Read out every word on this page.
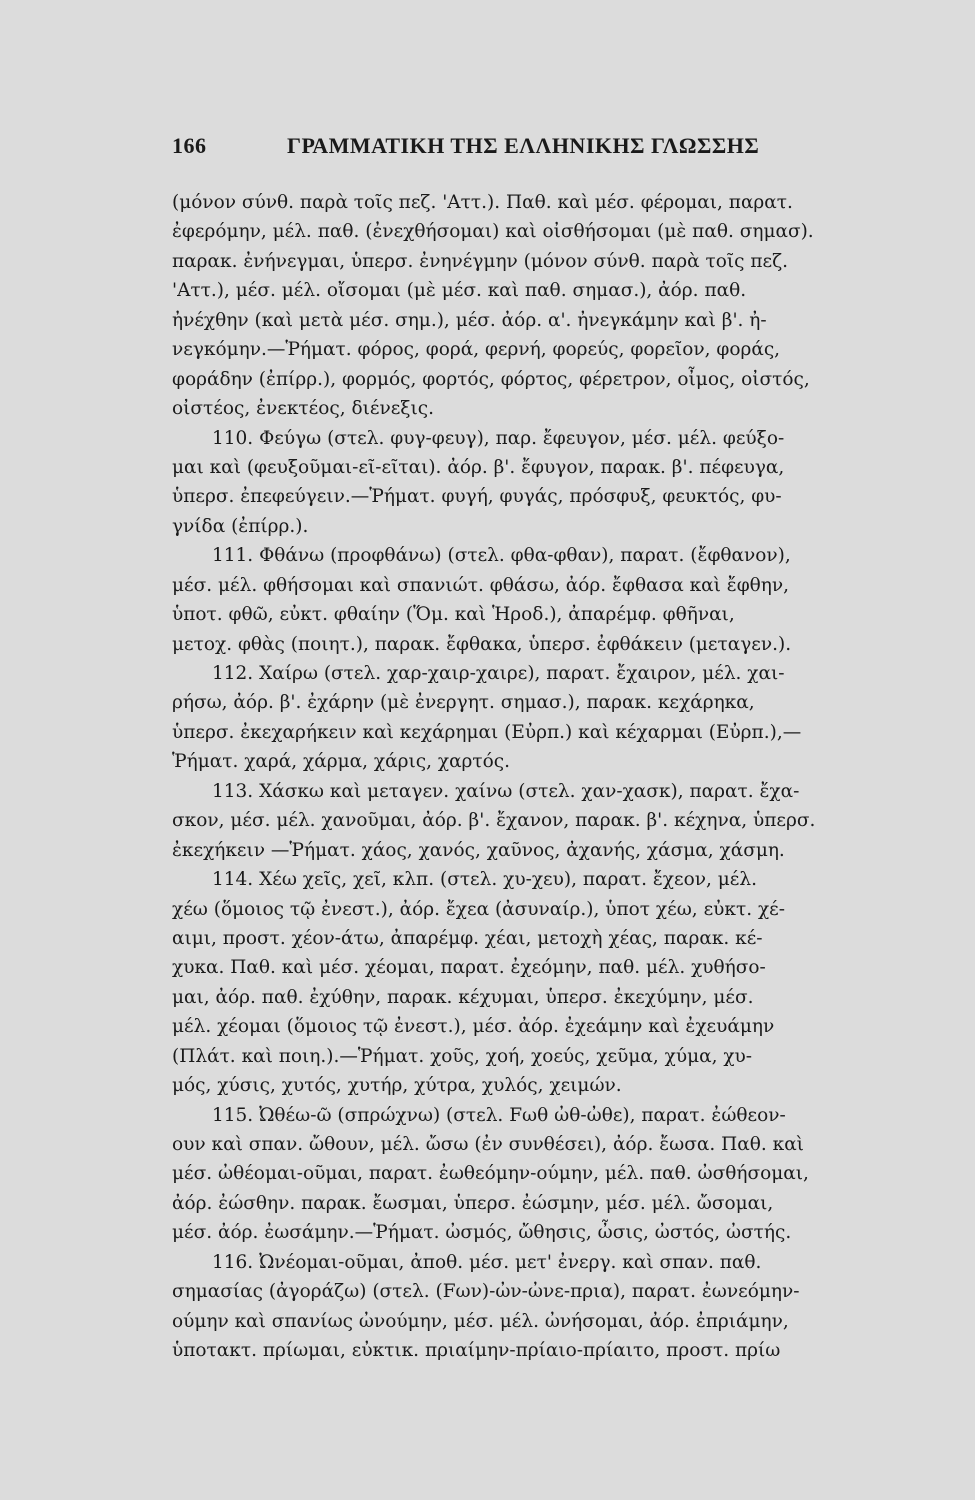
166	ΓΡΑΜΜΑΤΙΚΗ ΤΗΣ ΕΛΛΗΝΙΚΗΣ ΓΛΩΣΣΗΣ
(μόνον σύνθ. παρὰ τοῖς πεζ. 'Αττ.). Παθ. καὶ μέσ. φέρομαι, παρατ.
ἐφερόμην, μέλ. παθ. (ἐνεχθήσομαι) καὶ οἰσθήσομαι (μὲ παθ. σημασ).
παρακ. ἐνήνεγμαι, ὑπερσ. ἐνηνέγμην (μόνον σύνθ. παρὰ τοῖς πεζ.
'Αττ.), μέσ. μέλ. οἴσομαι (μὲ μέσ. καὶ παθ. σημασ.), ἀόρ. παθ.
ἠνέχθην (καὶ μετὰ μέσ. σημ.), μέσ. ἀόρ. α'. ἠνεγκάμην καὶ β'. ἠ-
νεγκόμην.—Ῥήματ. φόρος, φορά, φερνή, φορεύς, φορεῖον, φοράς,
φοράδην (ἐπίρρ.), φορμός, φορτός, φόρτος, φέρετρον, οἶμος, οἰστός,
οἰστέος, ἐνεκτέος, διένεξις.
110. Φεύγω (στελ. φυγ-φευγ), παρ. ἔφευγον, μέσ. μέλ. φεύξο-
μαι καὶ (φευξοῦμαι-εῖ-εῖται). ἀόρ. β'. ἔφυγον, παρακ. β'. πέφευγα,
ὑπερσ. ἐπεφεύγειν.—Ῥήματ. φυγή, φυγάς, πρόσφυξ, φευκτός, φυ-
γνίδα (ἐπίρρ.).
111. Φθάνω (προφθάνω) (στελ. φθα-φθαν), παρατ. (ἔφθανον),
μέσ. μέλ. φθήσομαι καὶ σπανιώτ. φθάσω, ἀόρ. ἔφθασα καὶ ἔφθην,
ὑποτ. φθῶ, εὐκτ. φθαίην (Ὅμ. καὶ Ἡροδ.), ἀπαρέμφ. φθῆναι,
μετοχ. φθὰς (ποιητ.), παρακ. ἔφθακα, ὑπερσ. ἐφθάκειν (μεταγεν.).
112. Χαίρω (στελ. χαρ-χαιρ-χαιρε), παρατ. ἔχαιρον, μέλ. χαι-
ρήσω, ἀόρ. β'. ἐχάρην (μὲ ἐνεργητ. σημασ.), παρακ. κεχάρηκα,
ὑπερσ. ἐκεχαρήκειν καὶ κεχάρημαι (Εὐρπ.) καὶ κέχαρμαι (Εὐρπ.),—
Ῥήματ. χαρά, χάρμα, χάρις, χαρτός.
113. Χάσκω καὶ μεταγεν. χαίνω (στελ. χαν-χασκ), παρατ. ἔχα-
σκον, μέσ. μέλ. χανοῦμαι, ἀόρ. β'. ἔχανον, παρακ. β'. κέχηνα, ὑπερσ.
ἐκεχήκειν —Ῥήματ. χάος, χανός, χαῦνος, ἀχανής, χάσμα, χάσμη.
114. Χέω χεῖς, χεῖ, κλπ. (στελ. χυ-χευ), παρατ. ἔχεον, μέλ.
χέω (ὅμοιος τῷ ἐνεστ.), ἀόρ. ἔχεα (ἀσυναίρ.), ὑποτ χέω, εὐκτ. χέ-
αιμι, προστ. χέον-άτω, ἀπαρέμφ. χέαι, μετοχὴ χέας, παρακ. κέ-
χυκα. Παθ. καὶ μέσ. χέομαι, παρατ. ἐχεόμην, παθ. μέλ. χυθήσο-
μαι, ἀόρ. παθ. ἐχύθην, παρακ. κέχυμαι, ὑπερσ. ἐκεχύμην, μέσ.
μέλ. χέομαι (ὅμοιος τῷ ἐνεστ.), μέσ. ἀόρ. ἐχεάμην καὶ ἐχευάμην
(Πλάτ. καὶ ποιη.).—Ῥήματ. χοῦς, χοή, χοεύς, χεῦμα, χύμα, χυ-
μός, χύσις, χυτός, χυτήρ, χύτρα, χυλός, χειμών.
115. Ὠθέω-ῶ (σπρώχνω) (στελ. Fωθ ὠθ-ὠθε), παρατ. ἐώθεον-
ουν καὶ σπαν. ὤθουν, μέλ. ὤσω (ἐν συνθέσει), ἀόρ. ἔωσα. Παθ. καὶ
μέσ. ὠθέομαι-οῦμαι, παρατ. ἐωθεόμην-ούμην, μέλ. παθ. ὠσθήσομαι,
ἀόρ. ἐώσθην. παρακ. ἔωσμαι, ὑπερσ. ἐώσμην, μέσ. μέλ. ὤσομαι,
μέσ. ἀόρ. ἐωσάμην.—Ῥήματ. ὠσμός, ὤθησις, ὦσις, ὠστός, ὠστής.
116. Ὠνέομαι-οῦμαι, ἀποθ. μέσ. μετ' ἐνεργ. καὶ σπαν. παθ.
σημασίας (ἀγοράζω) (στελ. (Fων)-ὠν-ὠνε-πρια), παρατ. ἐωνεόμην-
ούμην καὶ σπανίως ὠνούμην, μέσ. μέλ. ὠνήσομαι, ἀόρ. ἐπριάμην,
ὑποτακτ. πρίωμαι, εὐκτικ. πριαίμην-πρίαιο-πρίαιτο, προστ. πρίω
